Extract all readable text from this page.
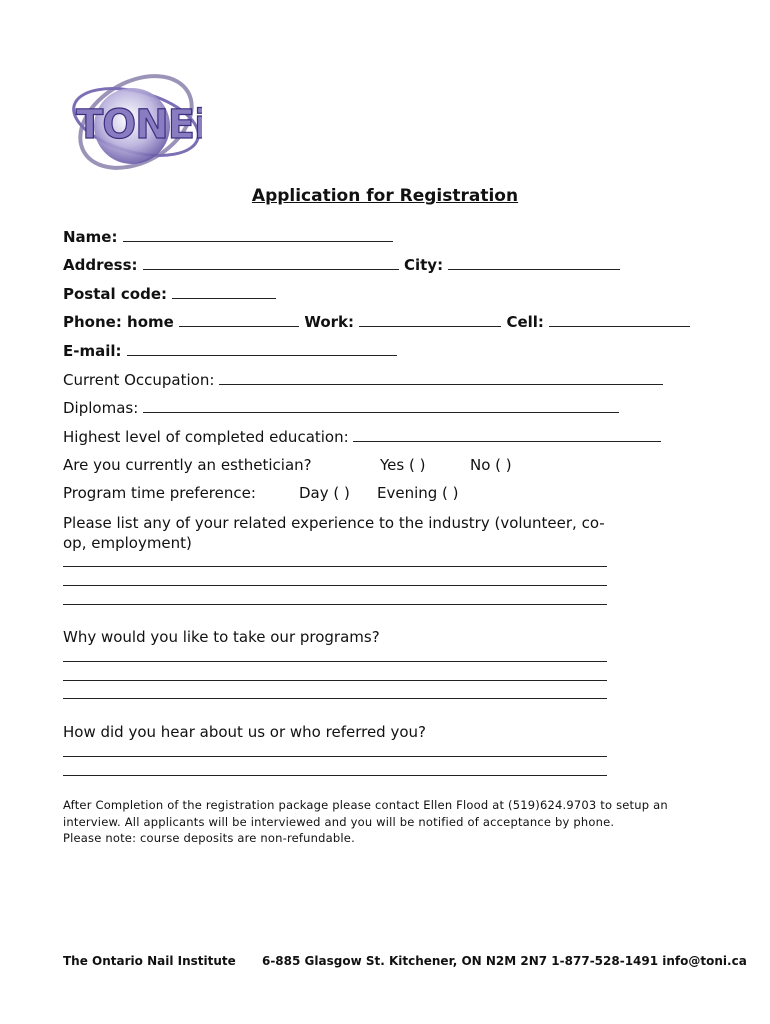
TONEi
Application for Registration
Name:
Address:	City:
Postal code:
Phone: home	Work:	Cell:
E-mail:
Current Occupation:
Diplomas:
Highest level of completed education:
Are you currently an esthetician?	Yes ( )	No ( )
Program time preference:	Day ( ) Evening ( )
Please list any of your related experience to the industry (volunteer, co-op, employment)
Why would you like to take our programs?
How did you hear about us or who referred you?
After Completion of the registration package please contact Ellen Flood at (519)624.9703 to setup an
interview. All applicants will be interviewed and you will be notified of acceptance by phone.
Please note: course deposits are non-refundable.
The Ontario Nail Institute 6-885 Glasgow St. Kitchener, ON N2M 2N7 1-877-528-1491 info@toni.ca
